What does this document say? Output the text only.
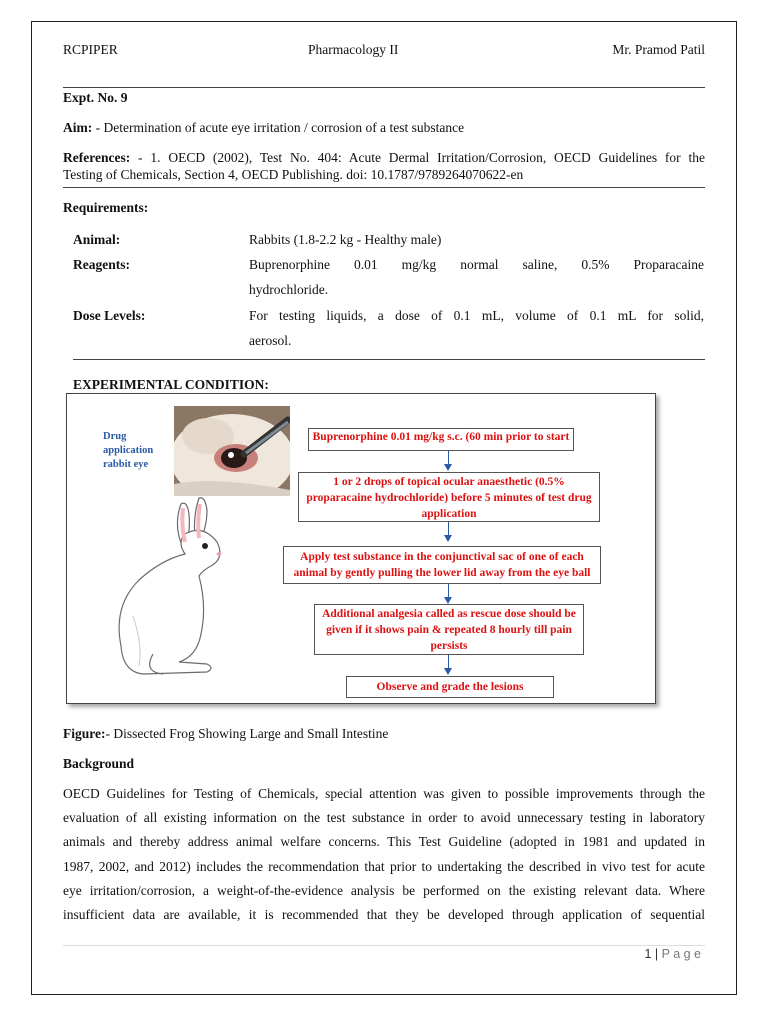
RCPIPER	Pharmacology II	Mr. Pramod Patil
Expt. No. 9
Aim: - Determination of acute eye irritation / corrosion of a test substance
References: - 1. OECD (2002), Test No. 404: Acute Dermal Irritation/Corrosion, OECD Guidelines for the
Testing of Chemicals, Section 4, OECD Publishing. doi: 10.1787/9789264070622-en
Requirements:
Animal:	Rabbits (1.8-2.2 kg - Healthy male)
Reagents:	Buprenorphine 0.01 mg/kg normal saline, 0.5% Proparacaine
hydrochloride.
Dose Levels:	For testing liquids, a dose of 0.1 mL, volume of 0.1 mL for solid,
aerosol.
EXPERIMENTAL CONDITION:
Drug application rabbit eye
Buprenorphine 0.01 mg/kg s.c. (60 min prior to start
1 or 2 drops of topical ocular anaesthetic (0.5% proparacaine hydrochloride) before 5 minutes of test drug application
Apply test substance in the conjunctival sac of one of each animal by gently pulling the lower lid away from the eye ball
Additional analgesia called as rescue dose should be given if it shows pain & repeated 8 hourly till pain persists
Observe and grade the lesions
Figure:- Dissected Frog Showing Large and Small Intestine
Background
OECD Guidelines for Testing of Chemicals, special attention was given to possible improvements through the
evaluation of all existing information on the test substance in order to avoid unnecessary testing in laboratory
animals and thereby address animal welfare concerns. This Test Guideline (adopted in 1981 and updated in
1987, 2002, and 2012) includes the recommendation that prior to undertaking the described in vivo test for acute
eye irritation/corrosion, a weight-of-the-evidence analysis be performed on the existing relevant data. Where
insufficient data are available, it is recommended that they be developed through application of sequential
1 | P a g e
